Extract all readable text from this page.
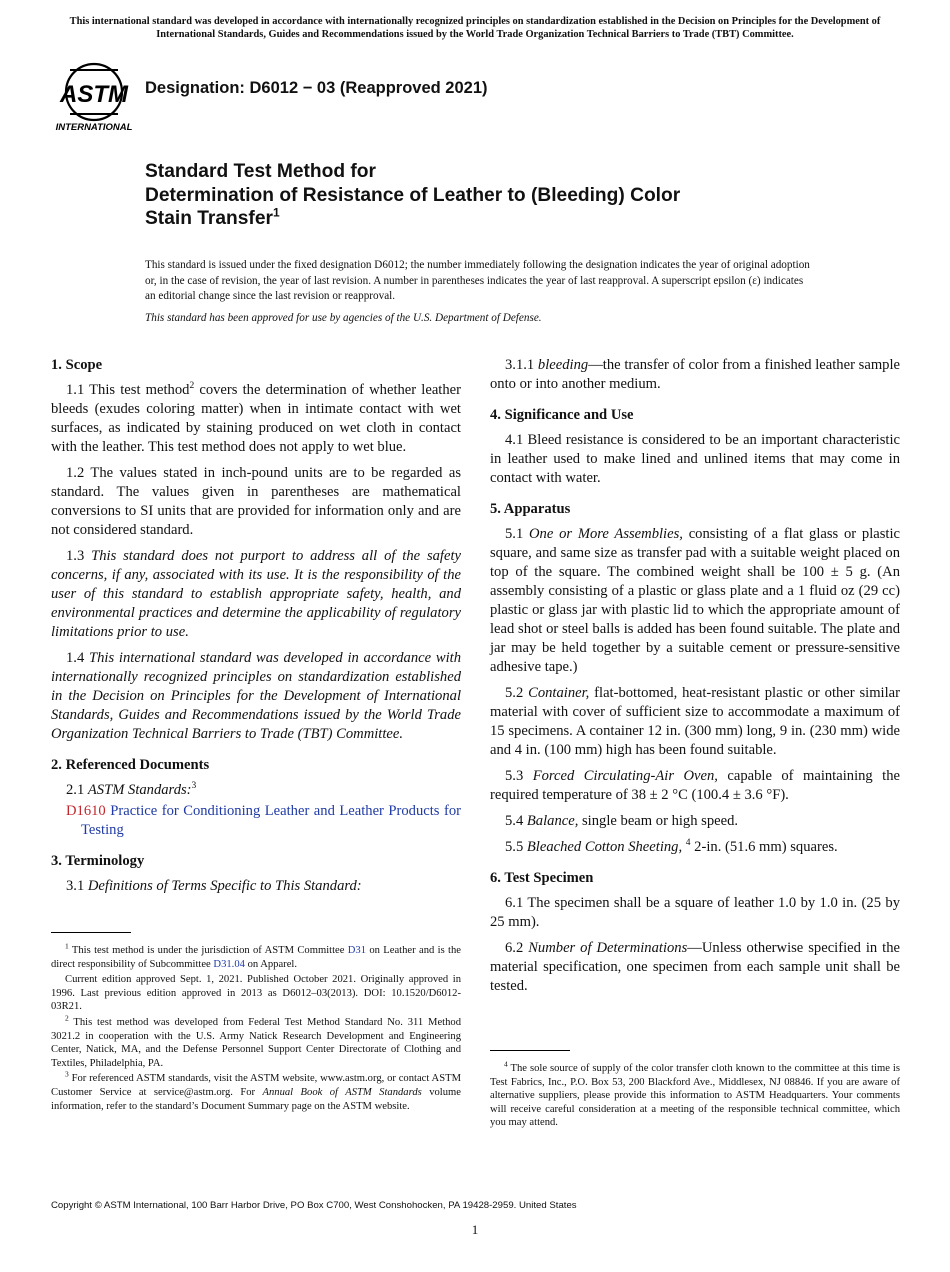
This international standard was developed in accordance with internationally recognized principles on standardization established in the Decision on Principles for the Development of International Standards, Guides and Recommendations issued by the World Trade Organization Technical Barriers to Trade (TBT) Committee.
ASTM
INTERNATIONAL
Designation: D6012 − 03 (Reapproved 2021)
Standard Test Method for
Determination of Resistance of Leather to (Bleeding) Color
Stain Transfer$^1$
This standard is issued under the fixed designation D6012; the number immediately following the designation indicates the year of original adoption or, in the case of revision, the year of last revision. A number in parentheses indicates the year of last reapproval. A superscript epsilon (ε) indicates an editorial change since the last revision or reapproval.
This standard has been approved for use by agencies of the U.S. Department of Defense.
1. Scope

1.1 This test method$^2$ covers the determination of whether leather bleeds (exudes coloring matter) when in intimate contact with wet surfaces, as indicated by staining produced on wet cloth in contact with the leather. This test method does not apply to wet blue.

1.2 The values stated in inch-pound units are to be regarded as standard. The values given in parentheses are mathematical conversions to SI units that are provided for information only and are not considered standard.

1.3 This standard does not purport to address all of the safety concerns, if any, associated with its use. It is the responsibility of the user of this standard to establish appropriate safety, health, and environmental practices and determine the applicability of regulatory limitations prior to use.

1.4 This international standard was developed in accordance with internationally recognized principles on standardization established in the Decision on Principles for the Development of International Standards, Guides and Recommendations issued by the World Trade Organization Technical Barriers to Trade (TBT) Committee.

2. Referenced Documents

2.1 ASTM Standards:$^3$

D1610 Practice for Conditioning Leather and Leather Products for Testing
3. Terminology

3.1 Definitions of Terms Specific to This Standard:

$^1$ This test method is under the jurisdiction of ASTM Committee D31 on Leather and is the direct responsibility of Subcommittee D31.04 on Apparel.

Current edition approved Sept. 1, 2021. Published October 2021. Originally approved in 1996. Last previous edition approved in 2013 as D6012–03(2013). DOI: 10.1520/D6012-03R21.

$^2$ This test method was developed from Federal Test Method Standard No. 311 Method 3021.2 in cooperation with the U.S. Army Natick Research Development and Engineering Center, Natick, MA, and the Defense Personnel Support Center Directorate of Clothing and Textiles, Philadelphia, PA.

$^3$ For referenced ASTM standards, visit the ASTM website, www.astm.org, or contact ASTM Customer Service at service@astm.org. For Annual Book of ASTM Standards volume information, refer to the standard’s Document Summary page on the ASTM website.

3.1.1 bleeding—the transfer of color from a finished leather sample onto or into another medium.

4. Significance and Use

4.1 Bleed resistance is considered to be an important characteristic in leather used to make lined and unlined items that may come in contact with water.

5. Apparatus

5.1 One or More Assemblies, consisting of a flat glass or plastic square, and same size as transfer pad with a suitable weight placed on top of the square. The combined weight shall be 100 ± 5 g. (An assembly consisting of a plastic or glass plate and a 1 fluid oz (29 cc) plastic or glass jar with plastic lid to which the appropriate amount of lead shot or steel balls is added has been found suitable. The plate and jar may be held together by a suitable cement or pressure-sensitive adhesive tape.)

5.2 Container, flat-bottomed, heat-resistant plastic or other similar material with cover of sufficient size to accommodate a maximum of 15 specimens. A container 12 in. (300 mm) long, 9 in. (230 mm) wide and 4 in. (100 mm) high has been found suitable.

5.3 Forced Circulating-Air Oven, capable of maintaining the required temperature of 38 ± 2 °C (100.4 ± 3.6 °F).

5.4 Balance, single beam or high speed.

5.5 Bleached Cotton Sheeting, $^4$ 2-in. (51.6 mm) squares.

6. Test Specimen

6.1 The specimen shall be a square of leather 1.0 by 1.0 in. (25 by 25 mm).

6.2 Number of Determinations—Unless otherwise specified in the material specification, one specimen from each sample unit shall be tested.

$^4$ The sole source of supply of the color transfer cloth known to the committee at this time is Test Fabrics, Inc., P.O. Box 53, 200 Blackford Ave., Middlesex, NJ 08846. If you are aware of alternative suppliers, please provide this information to ASTM Headquarters. Your comments will receive careful consideration at a meeting of the responsible technical committee, which you may attend.

Copyright © ASTM International, 100 Barr Harbor Drive, PO Box C700, West Conshohocken, PA 19428-2959. United States
1
